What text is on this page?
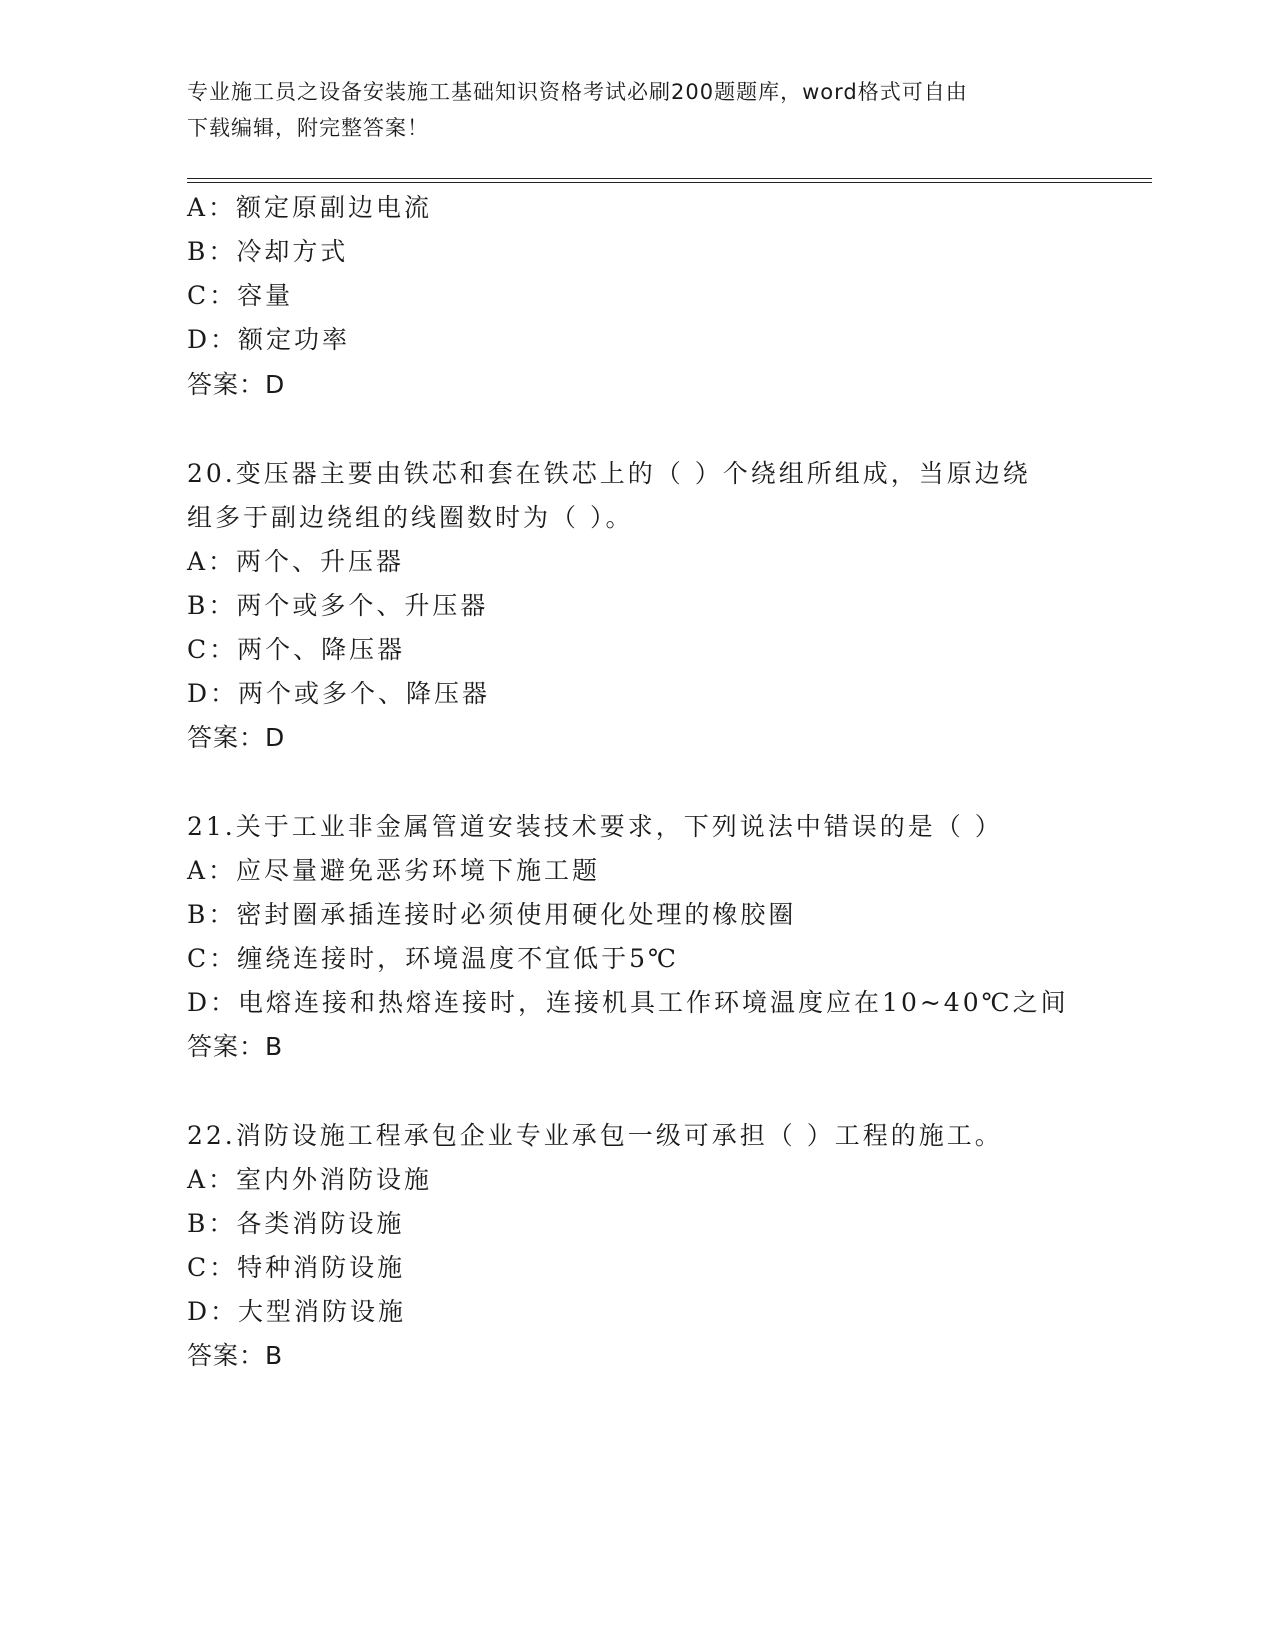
专业施工员之设备安装施工基础知识资格考试必刷200题题库，word格式可自由
下载编辑，附完整答案！
A：额定原副边电流
B：冷却方式
C：容量
D：额定功率
答案：D
20.变压器主要由铁芯和套在铁芯上的（ ）个绕组所组成，当原边绕
组多于副边绕组的线圈数时为（ ）。
A：两个、升压器
B：两个或多个、升压器
C：两个、降压器
D：两个或多个、降压器
答案：D
21.关于工业非金属管道安装技术要求，下列说法中错误的是（ ）
A：应尽量避免恶劣环境下施工题
B：密封圈承插连接时必须使用硬化处理的橡胶圈
C：缠绕连接时，环境温度不宜低于5℃
D：电熔连接和热熔连接时，连接机具工作环境温度应在10~40℃之间
答案：B
22.消防设施工程承包企业专业承包一级可承担（ ）工程的施工。
A：室内外消防设施
B：各类消防设施
C：特种消防设施
D：大型消防设施
答案：B
